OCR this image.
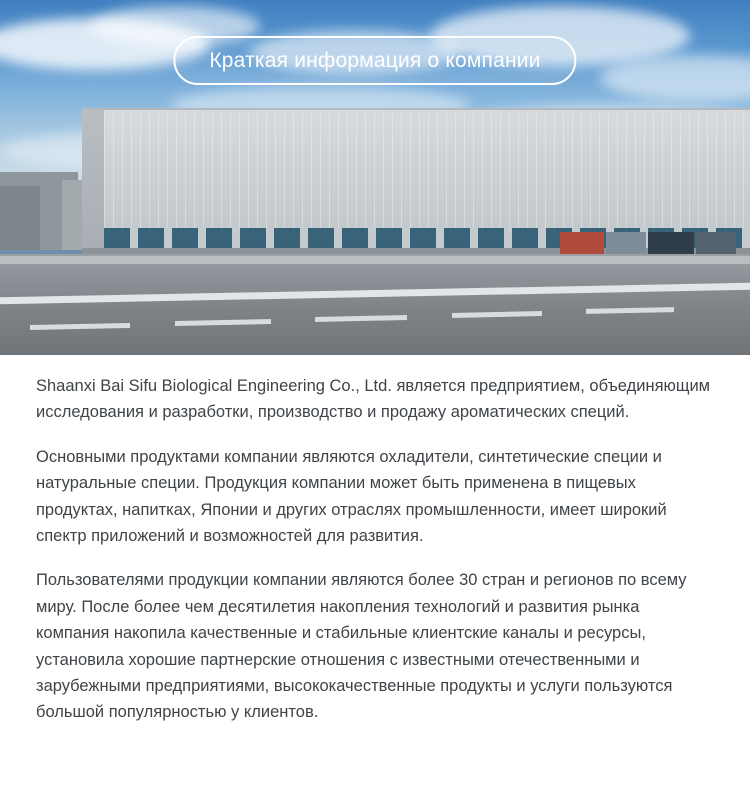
Краткая информация о компании

Shaanxi Bai Sifu Biological Engineering Co., Ltd. является предприятием, объединяющим исследования и разработки, производство и продажу ароматических специй.

Основными продуктами компании являются охладители, синтетические специи и натуральные специи. Продукция компании может быть применена в пищевых продуктах, напитках, Японии и других отраслях промышленности, имеет широкий спектр приложений и возможностей для развития.

Пользователями продукции компании являются более 30 стран и регионов по всему миру. После более чем десятилетия накопления технологий и развития рынка компания накопила качественные и стабильные клиентские каналы и ресурсы, установила хорошие партнерские отношения с известными отечественными и зарубежными предприятиями, высококачественные продукты и услуги пользуются большой популярностью у клиентов.
